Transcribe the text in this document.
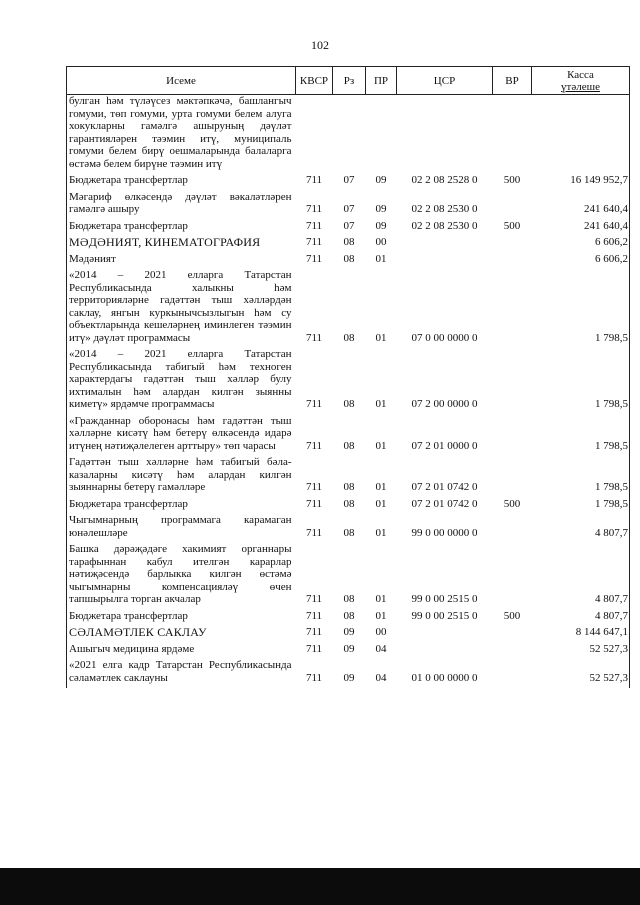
102
Исеме	КВСР	Рз	ПР	ЦСР	ВР	Касса
үтәлеше

булган һәм түләүсез мәктәпкәчә, башлангыч гомуми, төп гомуми, урта гомуми белем алуга хокукларны гамәлгә ашыруның дәүләт гарантияләрен тәэмин итү, муниципаль гомуми белем бирү оешмаларында балаларга өстәмә белем бирүне тәэмин итү						

Бюджетара трансфертлар	711	07	09	02 2 08 2528 0	500	16 149 952,7

Мәгариф өлкәсендә дәүләт вәкаләтләрен гамәлгә ашыру	711	07	09	02 2 08 2530 0		241 640,4

Бюджетара трансфертлар	711	07	09	02 2 08 2530 0	500	241 640,4

МӘДӘНИЯТ, КИНЕМАТОГРАФИЯ	711	08	00			6 606,2

Мәдәният	711	08	01			6 606,2

«2014 – 2021 елларга Татарстан Республикасында халыкны һәм территорияләрне гадәттән тыш хәлләрдән саклау, янгын куркынычсызлыгын һәм су объектларында кешеләрнең иминлеген тәэмин итү» дәүләт программасы	711	08	01	07 0 00 0000 0		1 798,5

«2014 – 2021 елларга Татарстан Республикасында табигый һәм техноген характердагы гадәттән тыш хәлләр булу ихтималын һәм алардан килгән зыянны киметү» ярдәмче программасы	711	08	01	07 2 00 0000 0		1 798,5

«Гражданнар оборонасы һәм гадәттән тыш хәлләрне кисәтү һәм бетерү өлкәсендә идарә итүнең нәтиҗәлелеген арттыру» төп чарасы	711	08	01	07 2 01 0000 0		1 798,5

Гадәттән тыш хәлләрне һәм табигый бәла-казаларны кисәтү һәм алардан килгән зыяннарны бетерү гамәлләре	711	08	01	07 2 01 0742 0		1 798,5

Бюджетара трансфертлар	711	08	01	07 2 01 0742 0	500	1 798,5

Чыгымнарның программага карамаган юнәлешләре	711	08	01	99 0 00 0000 0		4 807,7

Башка дәрәҗәдәге хакимият органнары тарафыннан кабул ителгән карарлар нәтиҗәсендә барлыкка килгән өстәмә чыгымнарны компенсацияләү өчен тапшырылга торган акчалар	711	08	01	99 0 00 2515 0		4 807,7

Бюджетара трансфертлар	711	08	01	99 0 00 2515 0	500	4 807,7

СӘЛАМӘТЛЕК САКЛАУ	711	09	00			8 144 647,1

Ашыгыч медицина ярдәме	711	09	04			52 527,3

«2021 елга кадр Татарстан Республикасында сәламәтлек саклауны	711	09	04	01 0 00 0000 0		52 527,3
